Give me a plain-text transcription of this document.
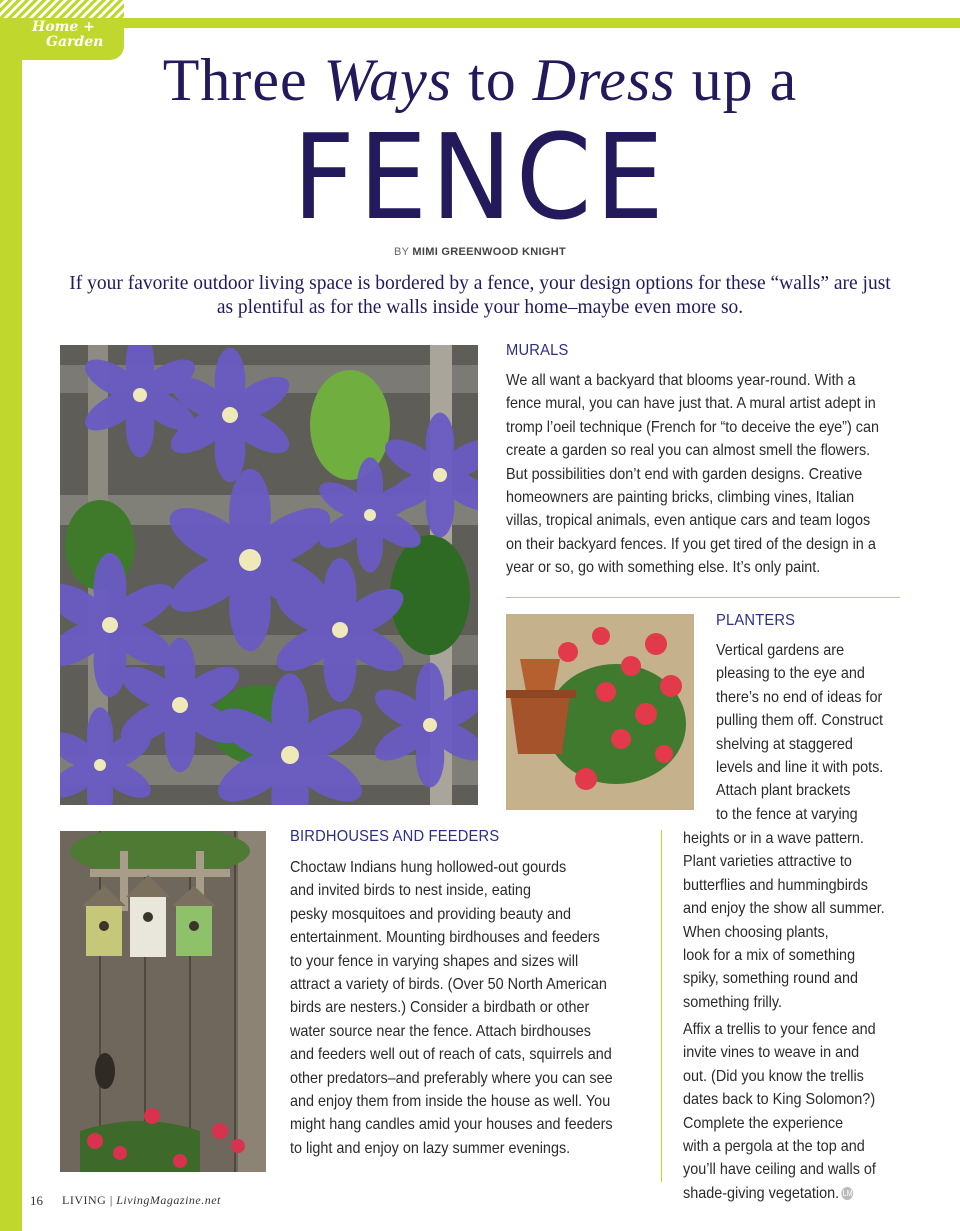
Home +
Garden
Three Ways to Dress up a
FENCE
BY MIMI GREENWOOD KNIGHT
If your favorite outdoor living space is bordered by a fence, your design options for these “walls” are just as plentiful as for the walls inside your home–maybe even more so.
MURALS
We all want a backyard that blooms year-round. With a
fence mural, you can have just that. A mural artist adept in
tromp l’oeil technique (French for “to deceive the eye”) can
create a garden so real you can almost smell the flowers.
But possibilities don’t end with garden designs. Creative
homeowners are painting bricks, climbing vines, Italian
villas, tropical animals, even antique cars and team logos
on their backyard fences. If you get tired of the design in a
year or so, go with something else. It’s only paint.
PLANTERS
Vertical gardens are
pleasing to the eye and
there’s no end of ideas for
pulling them off. Construct
shelving at staggered
levels and line it with pots.
Attach plant brackets
to the fence at varying
heights or in a wave pattern.
Plant varieties attractive to
butterflies and hummingbirds
and enjoy the show all summer.
When choosing plants,
look for a mix of something
spiky, something round and
something frilly.
Affix a trellis to your fence and
invite vines to weave in and
out. (Did you know the trellis
dates back to King Solomon?)
Complete the experience
with a pergola at the top and
you’ll have ceiling and walls of
shade-giving vegetation. LM
BIRDHOUSES AND FEEDERS
Choctaw Indians hung hollowed-out gourds
and invited birds to nest inside, eating
pesky mosquitoes and providing beauty and
entertainment. Mounting birdhouses and feeders
to your fence in varying shapes and sizes will
attract a variety of birds. (Over 50 North American
birds are nesters.) Consider a birdbath or other
water source near the fence. Attach birdhouses
and feeders well out of reach of cats, squirrels and
other predators–and preferably where you can see
and enjoy them from inside the house as well. You
might hang candles amid your houses and feeders
to light and enjoy on lazy summer evenings.
16 LIVING | LivingMagazine.net
